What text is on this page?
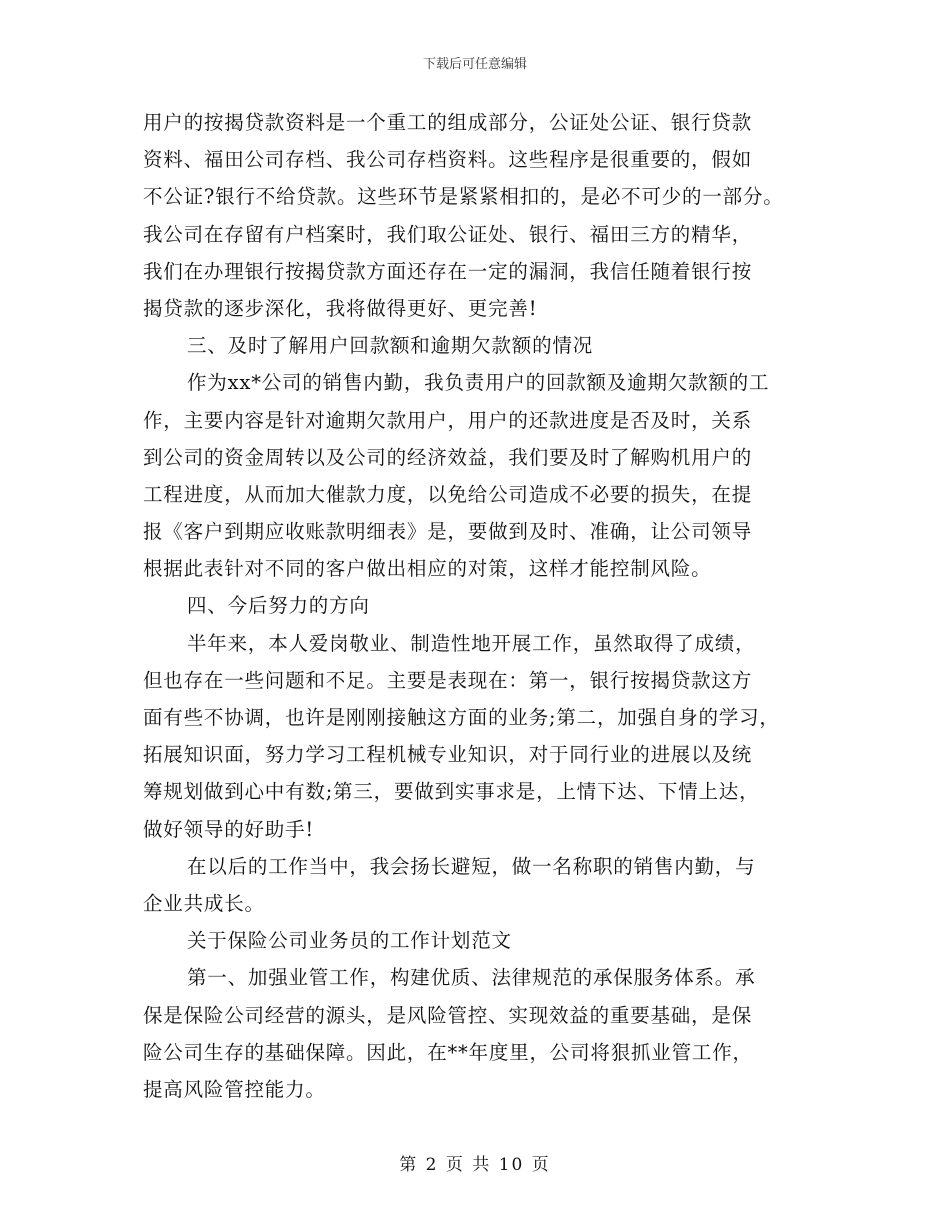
下载后可任意编辑
用户的按揭贷款资料是一个重工的组成部分，公证处公证、银行贷款
资料、福田公司存档、我公司存档资料。这些程序是很重要的，假如
不公证?银行不给贷款。这些环节是紧紧相扣的，是必不可少的一部分。
我公司在存留有户档案时，我们取公证处、银行、福田三方的精华，
我们在办理银行按揭贷款方面还存在一定的漏洞，我信任随着银行按
揭贷款的逐步深化，我将做得更好、更完善!
三、及时了解用户回款额和逾期欠款额的情况
作为xx*公司的销售内勤，我负责用户的回款额及逾期欠款额的工
作，主要内容是针对逾期欠款用户，用户的还款进度是否及时，关系
到公司的资金周转以及公司的经济效益，我们要及时了解购机用户的
工程进度，从而加大催款力度，以免给公司造成不必要的损失，在提
报《客户到期应收账款明细表》是，要做到及时、准确，让公司领导
根据此表针对不同的客户做出相应的对策，这样才能控制风险。
四、今后努力的方向
半年来，本人爱岗敬业、制造性地开展工作，虽然取得了成绩，
但也存在一些问题和不足。主要是表现在：第一，银行按揭贷款这方
面有些不协调，也许是刚刚接触这方面的业务;第二，加强自身的学习，
拓展知识面，努力学习工程机械专业知识，对于同行业的进展以及统
筹规划做到心中有数;第三，要做到实事求是，上情下达、下情上达，
做好领导的好助手!
在以后的工作当中，我会扬长避短，做一名称职的销售内勤，与
企业共成长。
关于保险公司业务员的工作计划范文
第一、加强业管工作，构建优质、法律规范的承保服务体系。承
保是保险公司经营的源头，是风险管控、实现效益的重要基础，是保
险公司生存的基础保障。因此，在**年度里，公司将狠抓业管工作，
提高风险管控能力。
第 2 页 共 10 页
